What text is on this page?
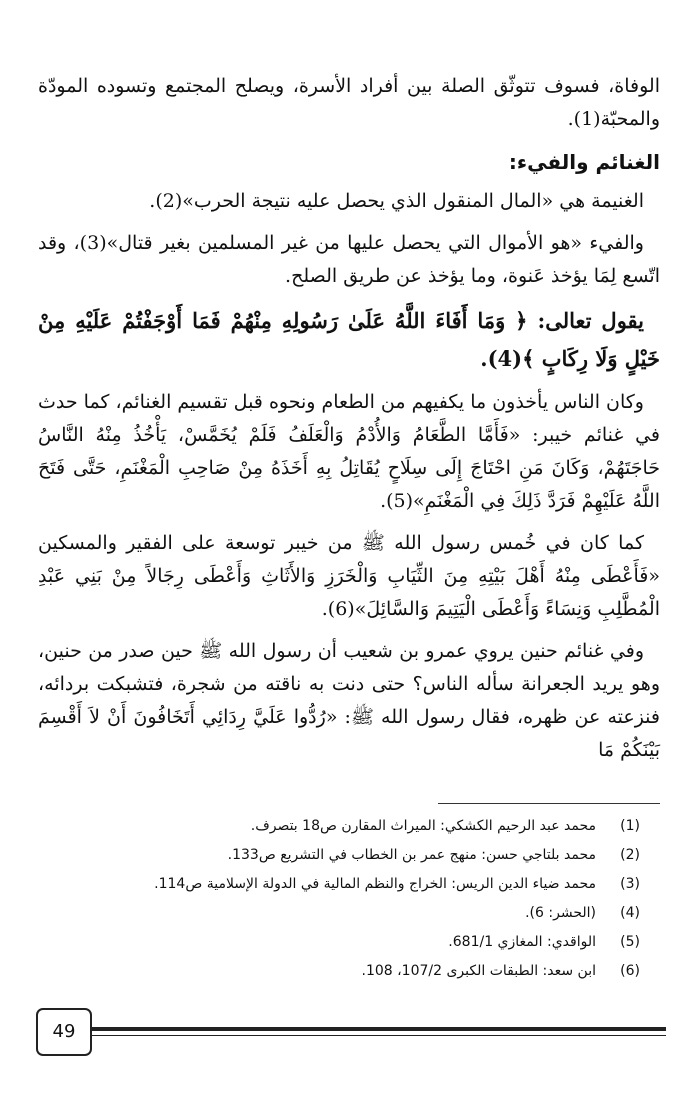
الوفاة، فسوف تتوثّق الصلة بين أفراد الأسرة، ويصلح المجتمع وتسوده المودّة والمحبّة(1).

الغنائم والفيء:

الغنيمة هي «المال المنقول الذي يحصل عليه نتيجة الحرب»(2).

والفيء «هو الأموال التي يحصل عليها من غير المسلمين بغير قتال»(3)، وقد اتّسع لِمَا يؤخذ عَنوة، وما يؤخذ عن طريق الصلح.

يقول تعالى: ﴿ وَمَا أَفَاءَ اللَّهُ عَلَىٰ رَسُولِهِ مِنْهُمْ فَمَا أَوْجَفْتُمْ عَلَيْهِ مِنْ خَيْلٍ وَلَا رِكَابٍ ﴾(4).

وكان الناس يأخذون ما يكفيهم من الطعام ونحوه قبل تقسيم الغنائم، كما حدث في غنائم خيبر: «فَأَمَّا الطَّعَامُ وَالأُدْمُ وَالْعَلَفُ فَلَمْ يُخَمَّسْ، يَأْخُذُ مِنْهُ النَّاسُ حَاجَتَهُمْ، وَكَانَ مَنِ احْتَاجَ إِلَى سِلَاحٍ يُقَاتِلُ بِهِ أَخَذَهُ مِنْ صَاحِبِ الْمَغْنَمِ، حَتَّى فَتَحَ اللَّهُ عَلَيْهِمْ فَرَدَّ ذَلِكَ فِي الْمَغْنَمِ»(5).

كما كان في خُمس رسول الله ﷺ من خيبر توسعة على الفقير والمسكين «فَأَعْطَى مِنْهُ أَهْلَ بَيْتِهِ مِنَ الثِّيَابِ وَالْخَرَزِ وَالأَثَاثِ وَأَعْطَى رِجَالاً مِنْ بَنِي عَبْدِ الْمُطَّلِبِ وَنِسَاءً وَأَعْطَى الْيَتِيمَ وَالسَّائِلَ»(6).

وفي غنائم حنين يروي عمرو بن شعيب أن رسول الله ﷺ حين صدر من حنين، وهو يريد الجعرانة سأله الناس؟ حتى دنت به ناقته من شجرة، فتشبكت بردائه، فنزعته عن ظهره، فقال رسول الله ﷺ: «رُدُّوا عَلَيَّ رِدَائِي أَتَخَافُونَ أَنْ لاَ أَقْسِمَ بَيْنَكُمْ مَا

(1)
محمد عبد الرحيم الكشكي: الميراث المقارن ص18 بتصرف.
(2)
محمد بلتاجي حسن: منهج عمر بن الخطاب في التشريع ص133.
(3)
محمد ضياء الدين الريس: الخراج والنظم المالية في الدولة الإسلامية ص114.
(4)
(الحشر: 6).
(5)
الواقدي: المغازي 681/1.
(6)
ابن سعد: الطبقات الكبرى 107/2، 108.
49
